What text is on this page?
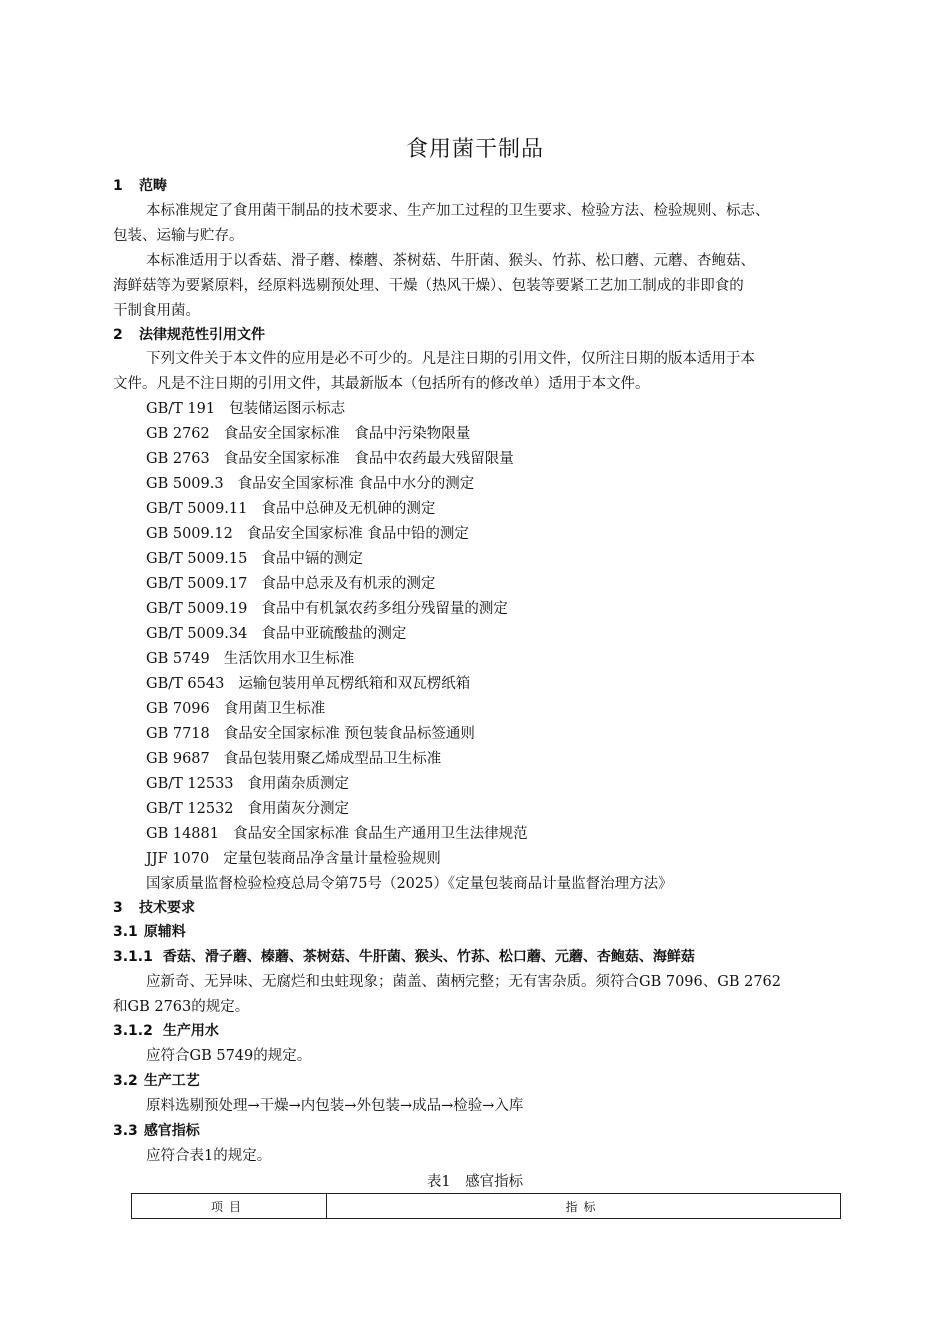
食用菌干制品
1 范畴
本标准规定了食用菌干制品的技术要求、生产加工过程的卫生要求、检验方法、检验规则、标志、
包装、运输与贮存。
本标准适用于以香菇、滑子蘑、榛蘑、茶树菇、牛肝菌、猴头、竹荪、松口蘑、元蘑、杏鲍菇、
海鲜菇等为要紧原料，经原料选剔预处理、干燥（热风干燥）、包装等要紧工艺加工制成的非即食的
干制食用菌。
2 法律规范性引用文件
下列文件关于本文件的应用是必不可少的。凡是注日期的引用文件，仅所注日期的版本适用于本
文件。凡是不注日期的引用文件，其最新版本（包括所有的修改单）适用于本文件。
GB/T 191 包装储运图示标志
GB 2762 食品安全国家标准　食品中污染物限量
GB 2763 食品安全国家标准　食品中农药最大残留限量
GB 5009.3 食品安全国家标准 食品中水分的测定
GB/T 5009.11 食品中总砷及无机砷的测定
GB 5009.12 食品安全国家标准 食品中铅的测定
GB/T 5009.15 食品中镉的测定
GB/T 5009.17 食品中总汞及有机汞的测定
GB/T 5009.19 食品中有机氯农药多组分残留量的测定
GB/T 5009.34 食品中亚硫酸盐的测定
GB 5749 生活饮用水卫生标准
GB/T 6543 运输包装用单瓦楞纸箱和双瓦楞纸箱
GB 7096 食用菌卫生标准
GB 7718 食品安全国家标准 预包装食品标签通则
GB 9687 食品包装用聚乙烯成型品卫生标准
GB/T 12533 食用菌杂质测定
GB/T 12532 食用菌灰分测定
GB 14881 食品安全国家标准 食品生产通用卫生法律规范
JJF 1070 定量包装商品净含量计量检验规则
国家质量监督检验检疫总局令第75号（2025）《定量包装商品计量监督治理方法》
3 技术要求
3.1 原辅料
3.1.1 香菇、滑子蘑、榛蘑、茶树菇、牛肝菌、猴头、竹荪、松口蘑、元蘑、杏鲍菇、海鲜菇
应新奇、无异味、无腐烂和虫蛀现象；菌盖、菌柄完整；无有害杂质。须符合GB 7096、GB 2762
和GB 2763的规定。
3.1.2 生产用水
应符合GB 5749的规定。
3.2 生产工艺
原料选剔预处理→干燥→内包装→外包装→成品→检验→入库
3.3 感官指标
应符合表1的规定。
表1　感官指标
项目	指标
